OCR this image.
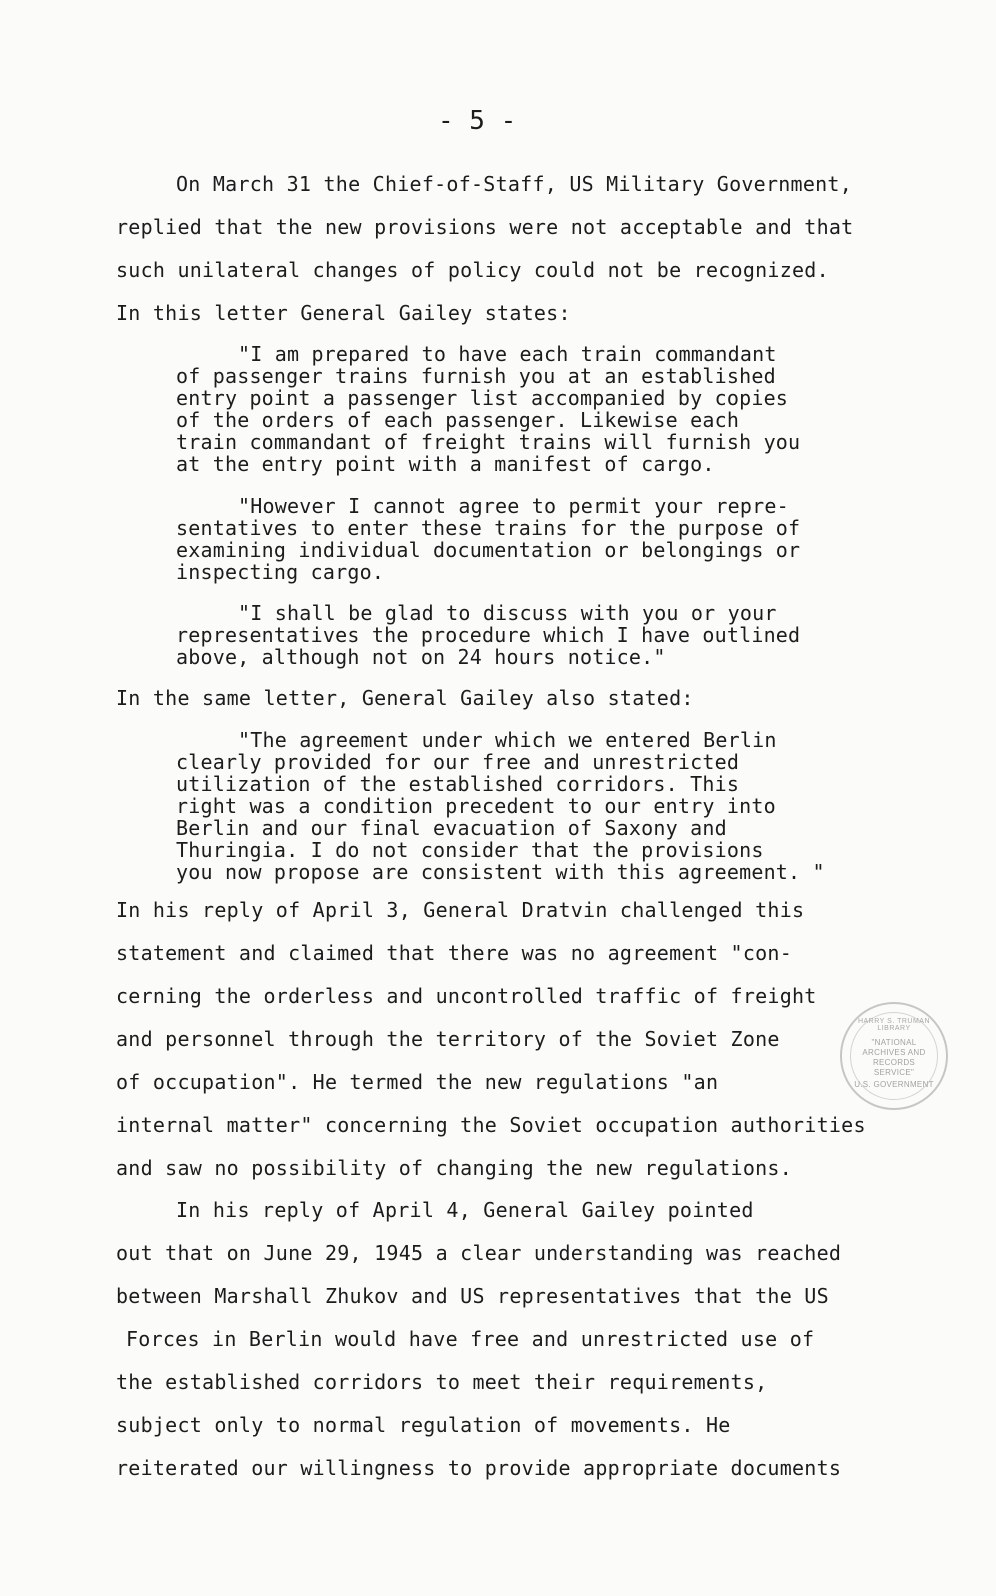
- 5 -
On March 31 the Chief-of-Staff, US Military Government,
replied that the new provisions were not acceptable and that
such unilateral changes of policy could not be recognized.
In this letter General Gailey states:
"I am prepared to have each train commandant
of passenger trains furnish you at an established
entry point a passenger list accompanied by copies
of the orders of each passenger. Likewise each
train commandant of freight trains will furnish you
at the entry point with a manifest of cargo.
"However I cannot agree to permit your repre-
sentatives to enter these trains for the purpose of
examining individual documentation or belongings or
inspecting cargo.
"I shall be glad to discuss with you or your
representatives the procedure which I have outlined
above, although not on 24 hours notice."
In the same letter, General Gailey also stated:
"The agreement under which we entered Berlin
clearly provided for our free and unrestricted
utilization of the established corridors. This
right was a condition precedent to our entry into
Berlin and our final evacuation of Saxony and
Thuringia. I do not consider that the provisions
you now propose are consistent with this agreement. "
In his reply of April 3, General Dratvin challenged this
statement and claimed that there was no agreement "con-
cerning the orderless and uncontrolled traffic of freight
and personnel through the territory of the Soviet Zone
of occupation". He termed the new regulations "an
internal matter" concerning the Soviet occupation authorities
and saw no possibility of changing the new regulations.
In his reply of April 4, General Gailey pointed
out that on June 29, 1945 a clear understanding was reached
between Marshall Zhukov and US representatives that the US
Forces in Berlin would have free and unrestricted use of
the established corridors to meet their requirements,
subject only to normal regulation of movements. He
reiterated our willingness to provide appropriate documents
HARRY S. TRUMAN LIBRARY
"NATIONAL
ARCHIVES AND
RECORDS
SERVICE"
U.S. GOVERNMENT
